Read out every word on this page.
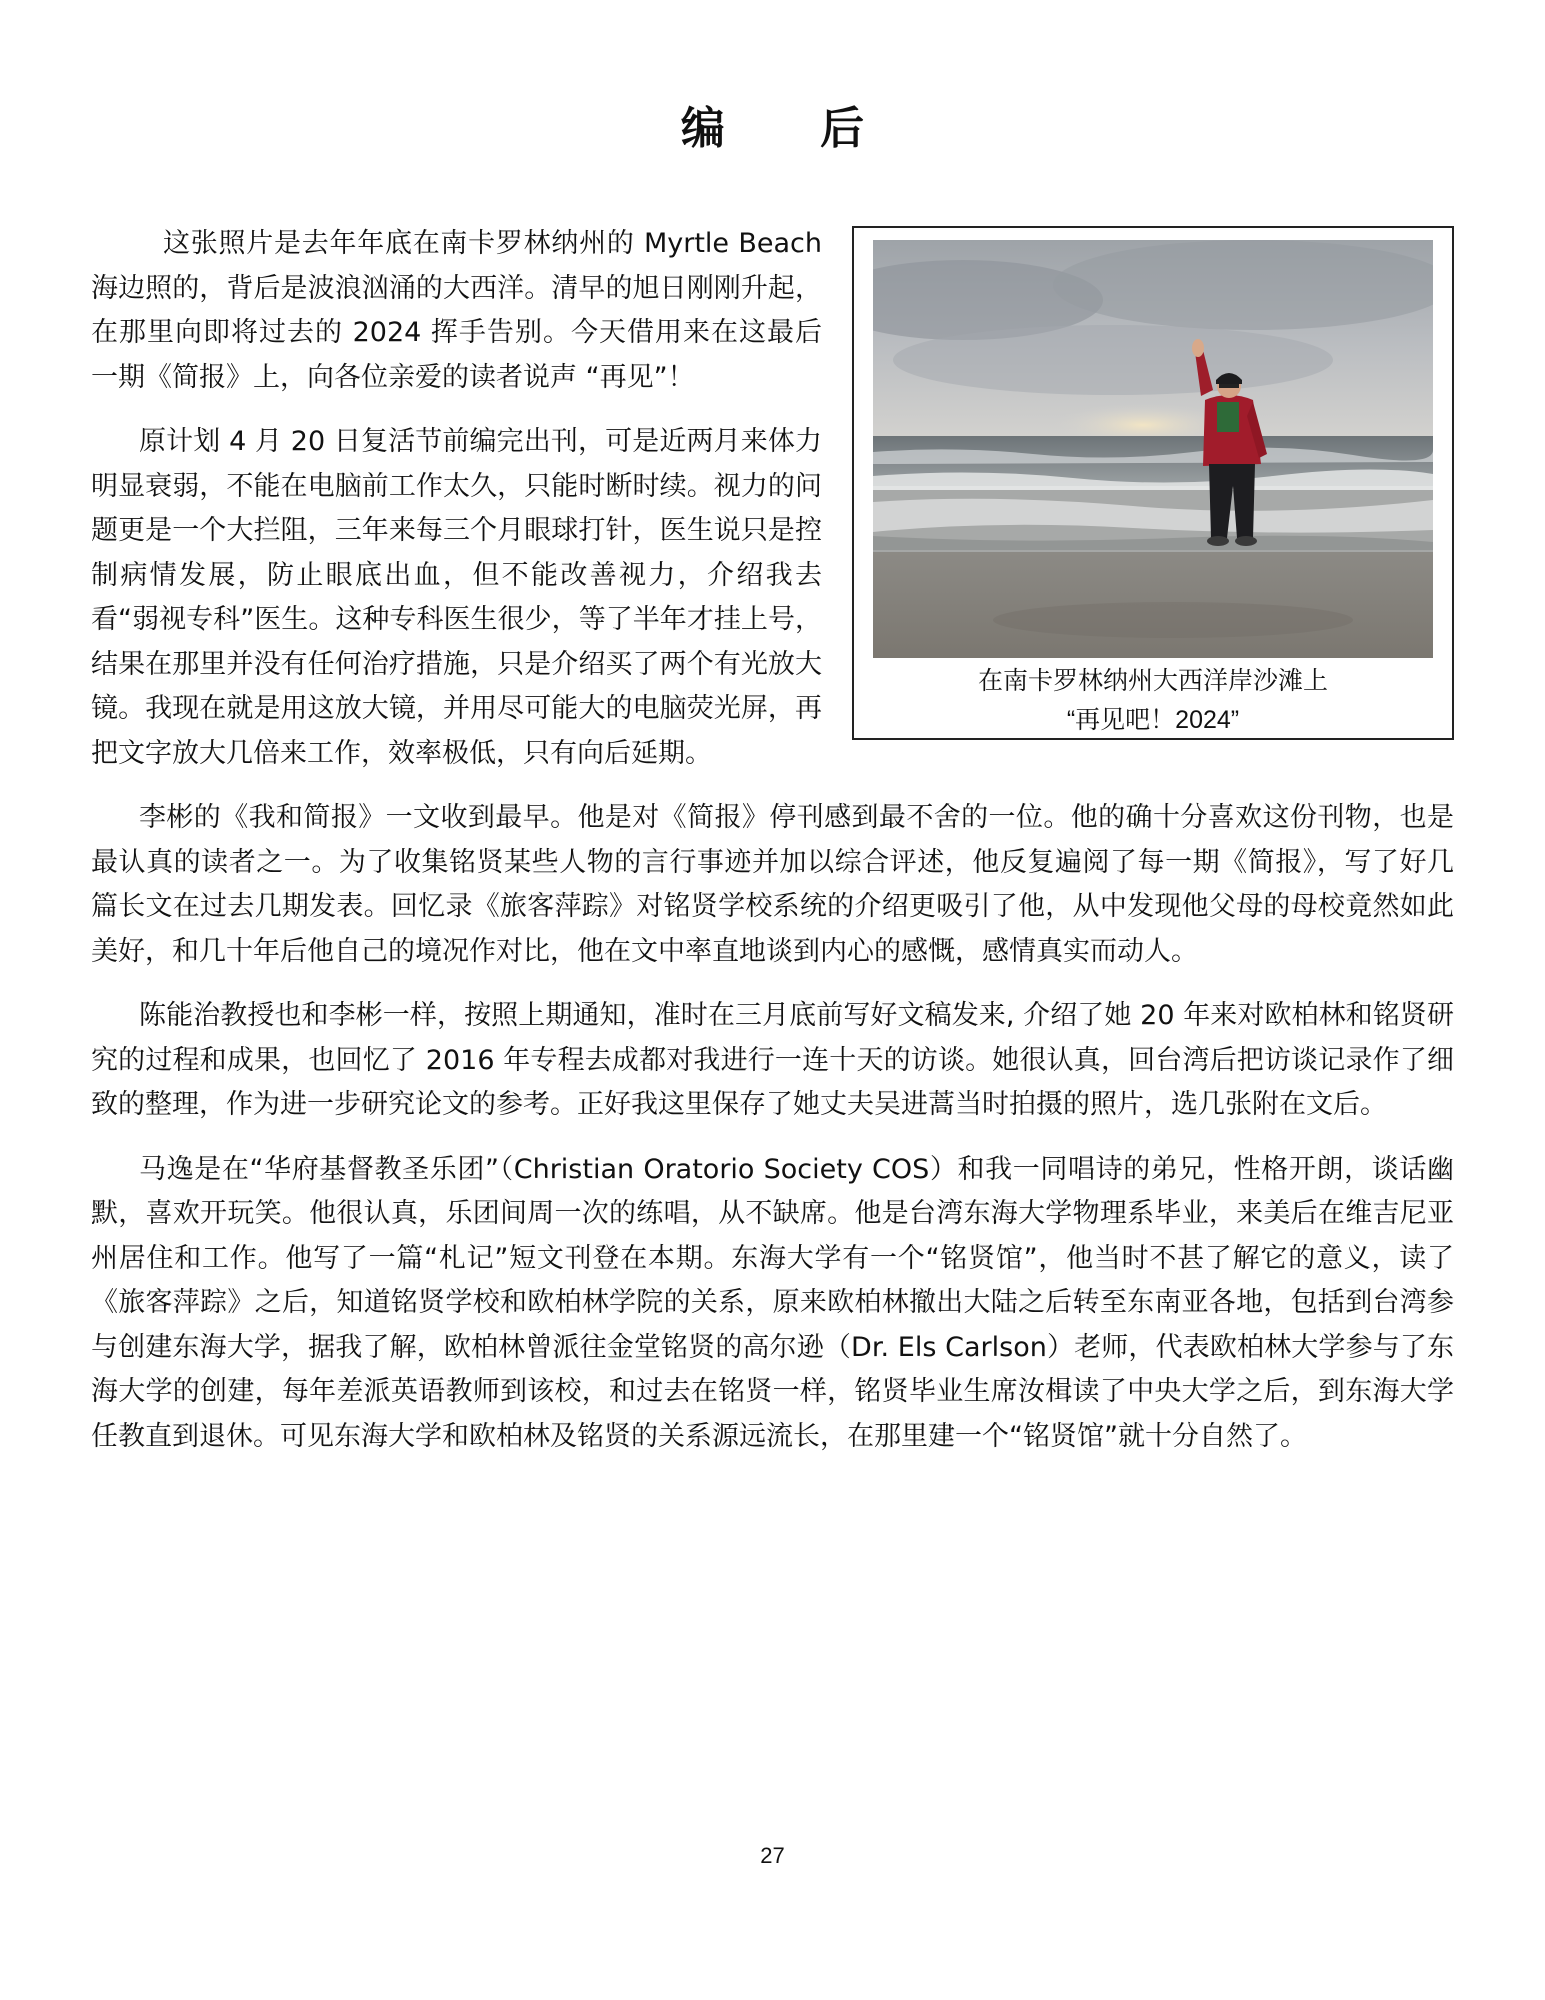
编 后
在南卡罗林纳州大西洋岸沙滩上
“再见吧！2024”

这张照片是去年年底在南卡罗林纳州的 Myrtle Beach 海边照的，背后是波浪汹涌的大西洋。清早的旭日刚刚升起，在那里向即将过去的 2024 挥手告别。今天借用来在这最后一期《简报》上，向各位亲爱的读者说声 “再见”！

原计划 4 月 20 日复活节前编完出刊，可是近两月来体力明显衰弱，不能在电脑前工作太久，只能时断时续。视力的问题更是一个大拦阻，三年来每三个月眼球打针，医生说只是控制病情发展，防止眼底出血，但不能改善视力，介绍我去看“弱视专科”医生。这种专科医生很少，等了半年才挂上号，结果在那里并没有任何治疗措施，只是介绍买了两个有光放大镜。我现在就是用这放大镜，并用尽可能大的电脑荧光屏，再把文字放大几倍来工作，效率极低，只有向后延期。

李彬的《我和简报》一文收到最早。他是对《简报》停刊感到最不舍的一位。他的确十分喜欢这份刊物，也是最认真的读者之一。为了收集铭贤某些人物的言行事迹并加以综合评述，他反复遍阅了每一期《简报》，写了好几篇长文在过去几期发表。回忆录《旅客萍踪》对铭贤学校系统的介绍更吸引了他，从中发现他父母的母校竟然如此美好，和几十年后他自己的境况作对比，他在文中率直地谈到内心的感慨，感情真实而动人。

陈能治教授也和李彬一样，按照上期通知，准时在三月底前写好文稿发来, 介绍了她 20 年来对欧柏林和铭贤研究的过程和成果，也回忆了 2016 年专程去成都对我进行一连十天的访谈。她很认真，回台湾后把访谈记录作了细致的整理，作为进一步研究论文的参考。正好我这里保存了她丈夫吴进蒿当时拍摄的照片，选几张附在文后。

马逸是在“华府基督教圣乐团”（Christian Oratorio Society COS）和我一同唱诗的弟兄，性格开朗，谈话幽默，喜欢开玩笑。他很认真，乐团间周一次的练唱，从不缺席。他是台湾东海大学物理系毕业，来美后在维吉尼亚州居住和工作。他写了一篇“札记”短文刊登在本期。东海大学有一个“铭贤馆”，他当时不甚了解它的意义，读了《旅客萍踪》之后，知道铭贤学校和欧柏林学院的关系，原来欧柏林撤出大陆之后转至东南亚各地，包括到台湾参与创建东海大学，据我了解，欧柏林曾派往金堂铭贤的高尔逊（Dr. Els Carlson）老师，代表欧柏林大学参与了东海大学的创建，每年差派英语教师到该校，和过去在铭贤一样，铭贤毕业生席汝楫读了中央大学之后，到东海大学任教直到退休。可见东海大学和欧柏林及铭贤的关系源远流长，在那里建一个“铭贤馆”就十分自然了。

27
